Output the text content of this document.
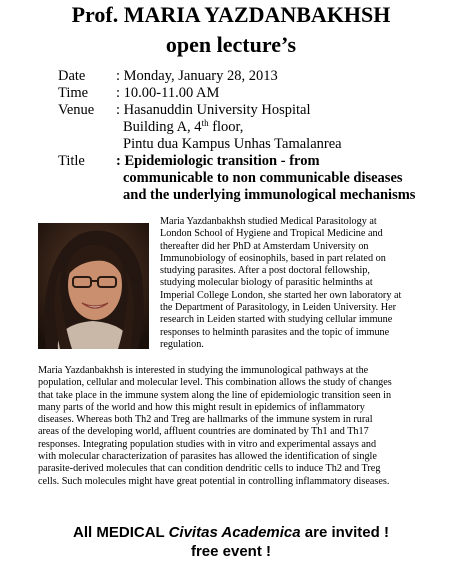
Prof. MARIA YAZDANBAKHSH
open lecture’s
Date	: Monday, January 28, 2013
Time	: 10.00-11.00 AM
Venue	: Hasanuddin University Hospital
Building A, 4th floor,
Pintu dua Kampus Unhas Tamalanrea
Title	: Epidemiologic transition - from
communicable to non communicable diseases
and the underlying immunological mechanisms
Maria Yazdanbakhsh studied Medical Parasitology at
London School of Hygiene and Tropical Medicine and
thereafter did her PhD at Amsterdam University on
Immunobiology of eosinophils, based in part related on
studying parasites. After a post doctoral fellowship,
studying molecular biology of parasitic helminths at
Imperial College London, she started her own laboratory at
the Department of Parasitology, in Leiden University. Her
research in Leiden started with studying cellular immune
responses to helminth parasites and the topic of immune
regulation.
Maria Yazdanbakhsh is interested in studying the immunological pathways at the
population, cellular and molecular level. This combination allows the study of changes
that take place in the immune system along the line of epidemiologic transition seen in
many parts of the world and how this might result in epidemics of inflammatory
diseases. Whereas both Th2 and Treg are hallmarks of the immune system in rural
areas of the developing world, affluent countries are dominated by Th1 and Th17
responses. Integrating population studies with in vitro and experimental assays and
with molecular characterization of parasites has allowed the identification of single
parasite-derived molecules that can condition dendritic cells to induce Th2 and Treg
cells. Such molecules might have great potential in controlling inflammatory diseases.
All MEDICAL Civitas Academica are invited !
free event !
